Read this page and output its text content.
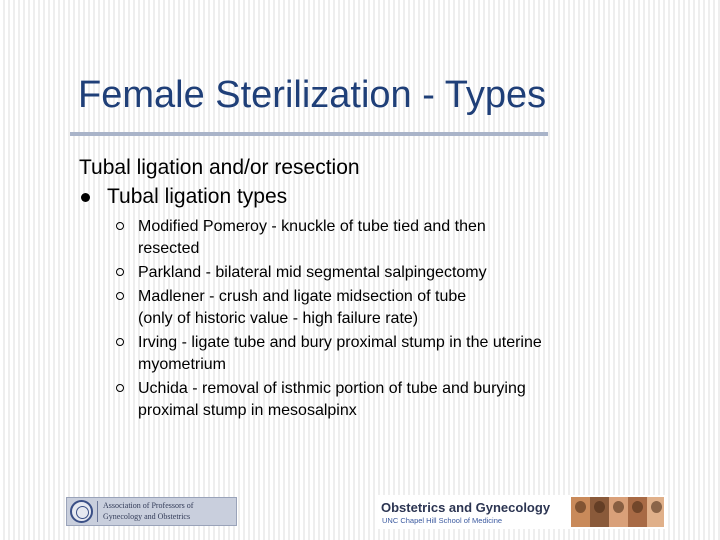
Female Sterilization - Types

Tubal ligation and/or resection

Tubal ligation types
Modified Pomeroy - knuckle of tube tied and then
resected
Parkland - bilateral mid segmental salpingectomy
Madlener - crush and ligate midsection of tube
(only of historic value - high failure rate)
Irving - ligate tube and bury proximal stump in the uterine
myometrium
Uchida - removal of isthmic portion of tube and burying
proximal stump in mesosalpinx
Association of Professors of
Gynecology and Obstetrics
Obstetrics and Gynecology
UNC Chapel Hill School of Medicine
